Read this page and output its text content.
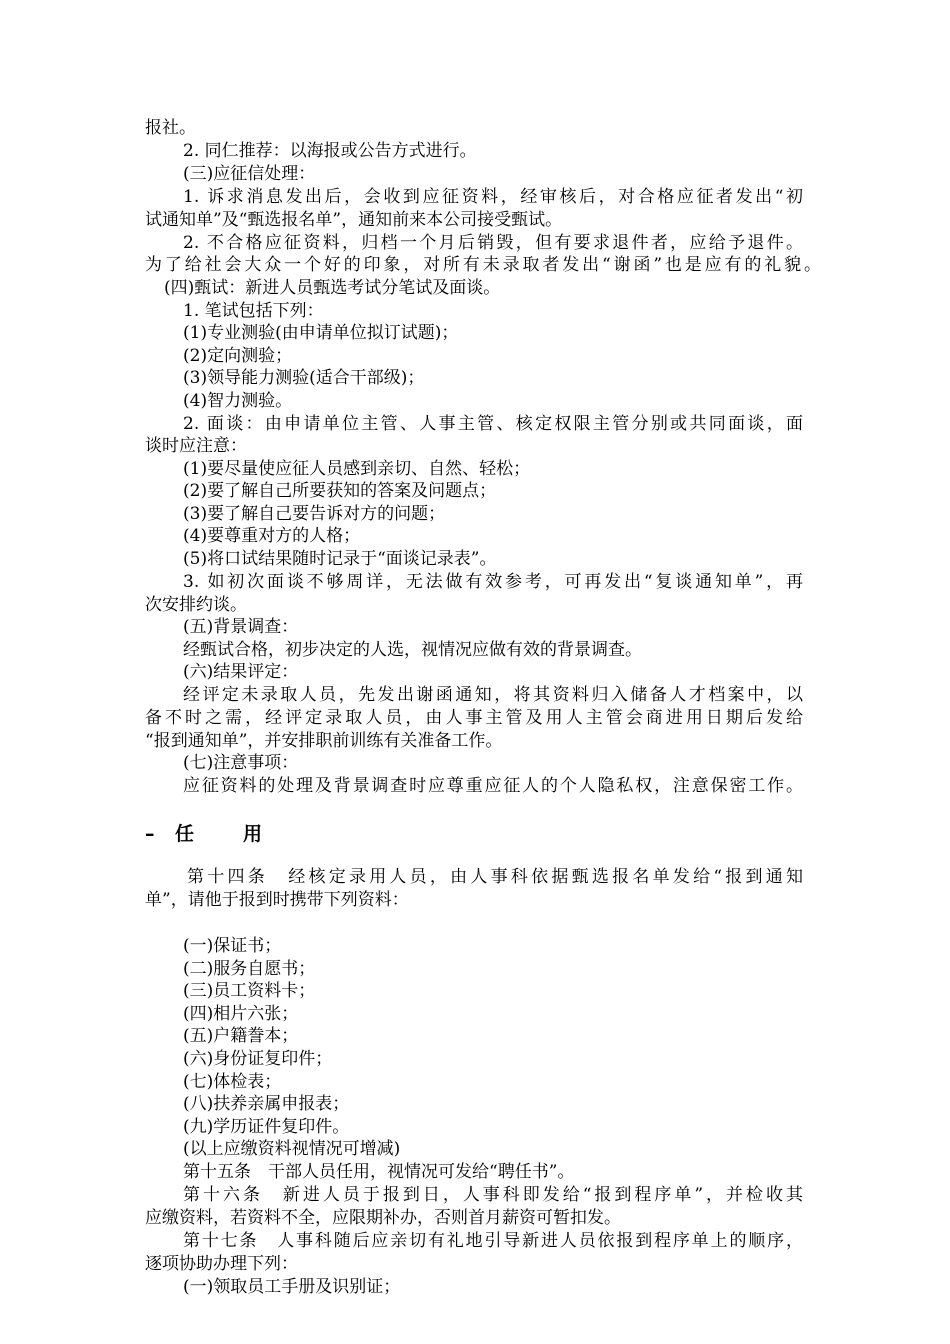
报社。
2. 同仁推荐：以海报或公告方式进行。
(三)应征信处理：
1. 诉求消息发出后，会收到应征资料，经审核后，对合格应征者发出“初
试通知单”及“甄选报名单”，通知前来本公司接受甄试。
2. 不合格应征资料，归档一个月后销毁，但有要求退件者，应给予退件。
为了给社会大众一个好的印象，对所有未录取者发出“谢函”也是应有的礼貌。
(四)甄试：新进人员甄选考试分笔试及面谈。
1. 笔试包括下列：
(1)专业测验(由申请单位拟订试题)；
(2)定向测验；
(3)领导能力测验(适合干部级)；
(4)智力测验。
2. 面谈：由申请单位主管、人事主管、核定权限主管分别或共同面谈，面
谈时应注意：
(1)要尽量使应征人员感到亲切、自然、轻松；
(2)要了解自己所要获知的答案及问题点；
(3)要了解自己要告诉对方的问题；
(4)要尊重对方的人格；
(5)将口试结果随时记录于“面谈记录表”。
3. 如初次面谈不够周详，无法做有效参考，可再发出“复谈通知单”，再
次安排约谈。
(五)背景调查：
经甄试合格，初步决定的人选，视情况应做有效的背景调查。
(六)结果评定：
经评定未录取人员，先发出谢函通知，将其资料归入储备人才档案中，以
备不时之需，经评定录取人员，由人事主管及用人主管会商进用日期后发给
“报到通知单”，并安排职前训练有关准备工作。
(七)注意事项：
应征资料的处理及背景调查时应尊重应征人的个人隐私权，注意保密工作。
– 任	用
第十四条　经核定录用人员，由人事科依据甄选报名单发给“报到通知
单”，请他于报到时携带下列资料：
(一)保证书；
(二)服务自愿书；
(三)员工资料卡；
(四)相片六张；
(五)户籍誊本；
(六)身份证复印件；
(七)体检表；
(八)扶养亲属申报表；
(九)学历证件复印件。
(以上应缴资料视情况可增减)
第十五条　干部人员任用，视情况可发给“聘任书”。
第十六条　新进人员于报到日，人事科即发给“报到程序单”，并检收其
应缴资料，若资料不全，应限期补办，否则首月薪资可暂扣发。
第十七条　人事科随后应亲切有礼地引导新进人员依报到程序单上的顺序，
逐项协助办理下列：
(一)领取员工手册及识别证；
